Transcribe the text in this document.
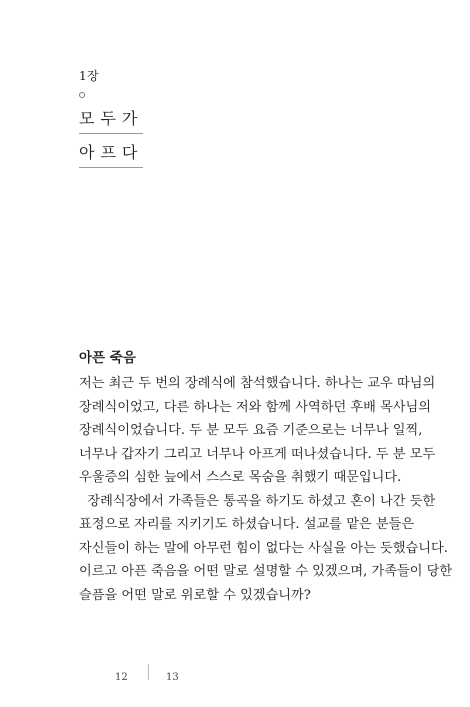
1장
모두가
아프다
아픈 죽음
저는 최근 두 번의 장례식에 참석했습니다. 하나는 교우 따님의
장례식이었고, 다른 하나는 저와 함께 사역하던 후배 목사님의
장례식이었습니다. 두 분 모두 요즘 기준으로는 너무나 일찍,
너무나 갑자기 그리고 너무나 아프게 떠나셨습니다. 두 분 모두
우울증의 심한 늪에서 스스로 목숨을 취했기 때문입니다.
장례식장에서 가족들은 통곡을 하기도 하셨고 혼이 나간 듯한
표정으로 자리를 지키기도 하셨습니다. 설교를 맡은 분들은
자신들이 하는 말에 아무런 힘이 없다는 사실을 아는 듯했습니다.
이르고 아픈 죽음을 어떤 말로 설명할 수 있겠으며, 가족들이 당한
슬픔을 어떤 말로 위로할 수 있겠습니까?
12	13
